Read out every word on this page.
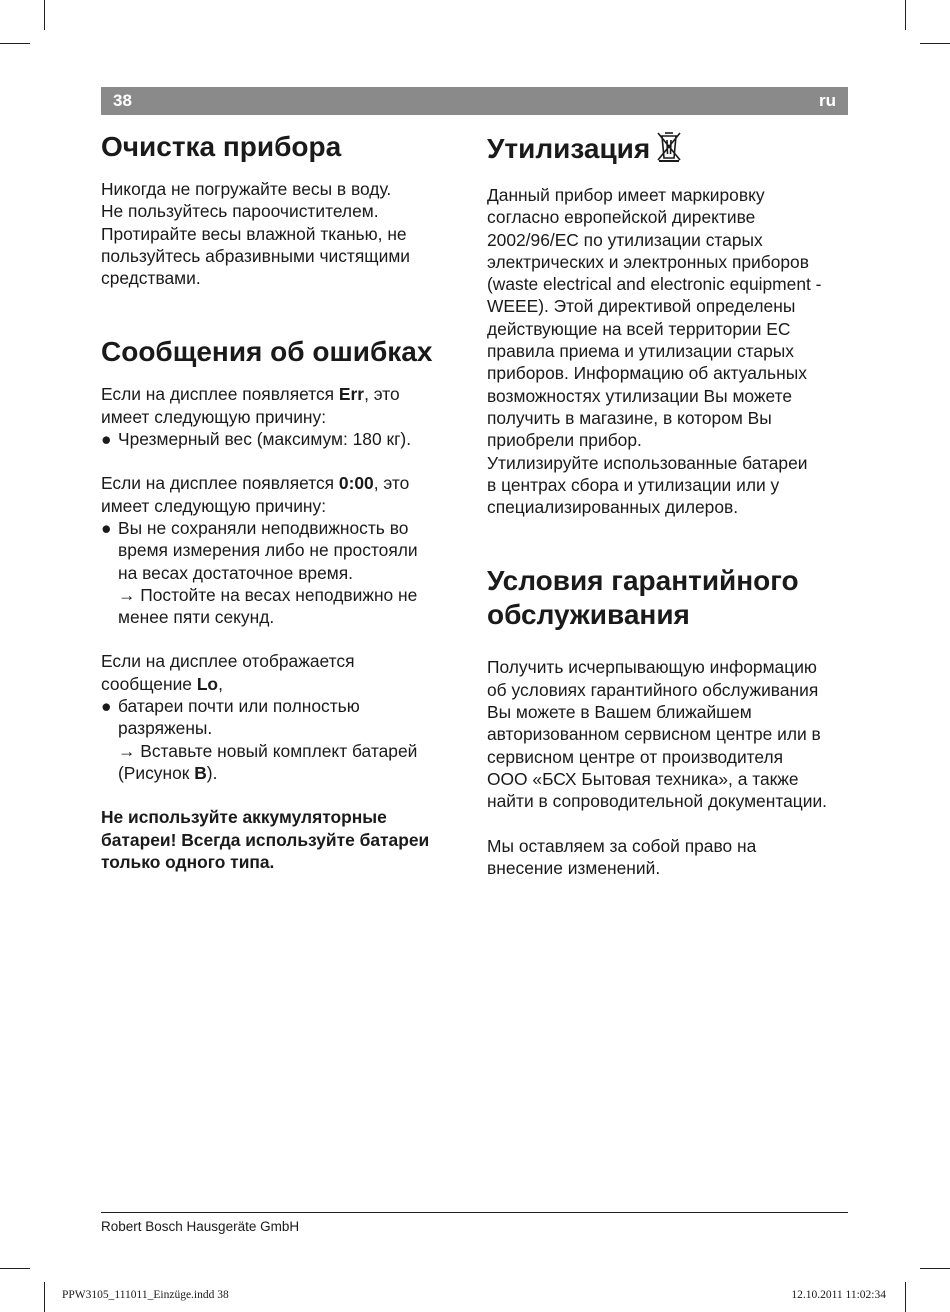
38	ru
Очистка прибора

Никогда не погружайте весы в воду.

Не пользуйтесь пароочистителем.

Протирайте весы влажной тканью, не

пользуйтесь абразивными чистящими

средствами.

Сообщения об ошибках

Если на дисплее появляется Err, это

имеет следующую причину:

● Чрезмерный вес (максимум: 180 кг).

Если на дисплее появляется 0:00, это

имеет следующую причину:

● Вы не сохраняли неподвижность во
время измерения либо не простояли
на весах достаточное время.
→ Постойте на весах неподвижно не
менее пяти секунд.

Если на дисплее отображается

сообщение Lo,

● батареи почти или полностью
разряжены.
→ Вставьте новый комплект батарей
(Рисунок B).

Не используйте аккумуляторные

батареи! Всегда используйте батареи

только одного типа.

Утилизация

Данный прибор имеет маркировку

согласно европейской директиве

2002/96/EC по утилизации старых

электрических и электронных приборов

(waste electrical and electronic equipment -

WEEE). Этой директивой определены

действующие на всей территории ЕС

правила приема и утилизации старых

приборов. Информацию об актуальных

возможностях утилизации Вы можете

получить в магазине, в котором Вы

приобрели прибор.

Утилизируйте использованные батареи

в центрах сбора и утилизации или у

специализированных дилеров.

Условия гарантийного
обслуживания

Получить исчерпывающую информацию

об условиях гарантийного обслуживания

Вы можете в Вашем ближайшем

авторизованном сервисном центре или в

сервисном центре от производителя

ООО «БСХ Бытовая техника», а также

найти в сопроводительной документации.

Мы оставляем за собой право на

внесение изменений.

Robert Bosch Hausgeräte GmbH
PPW3105_111011_Einzüge.indd 38	12.10.2011 11:02:34
